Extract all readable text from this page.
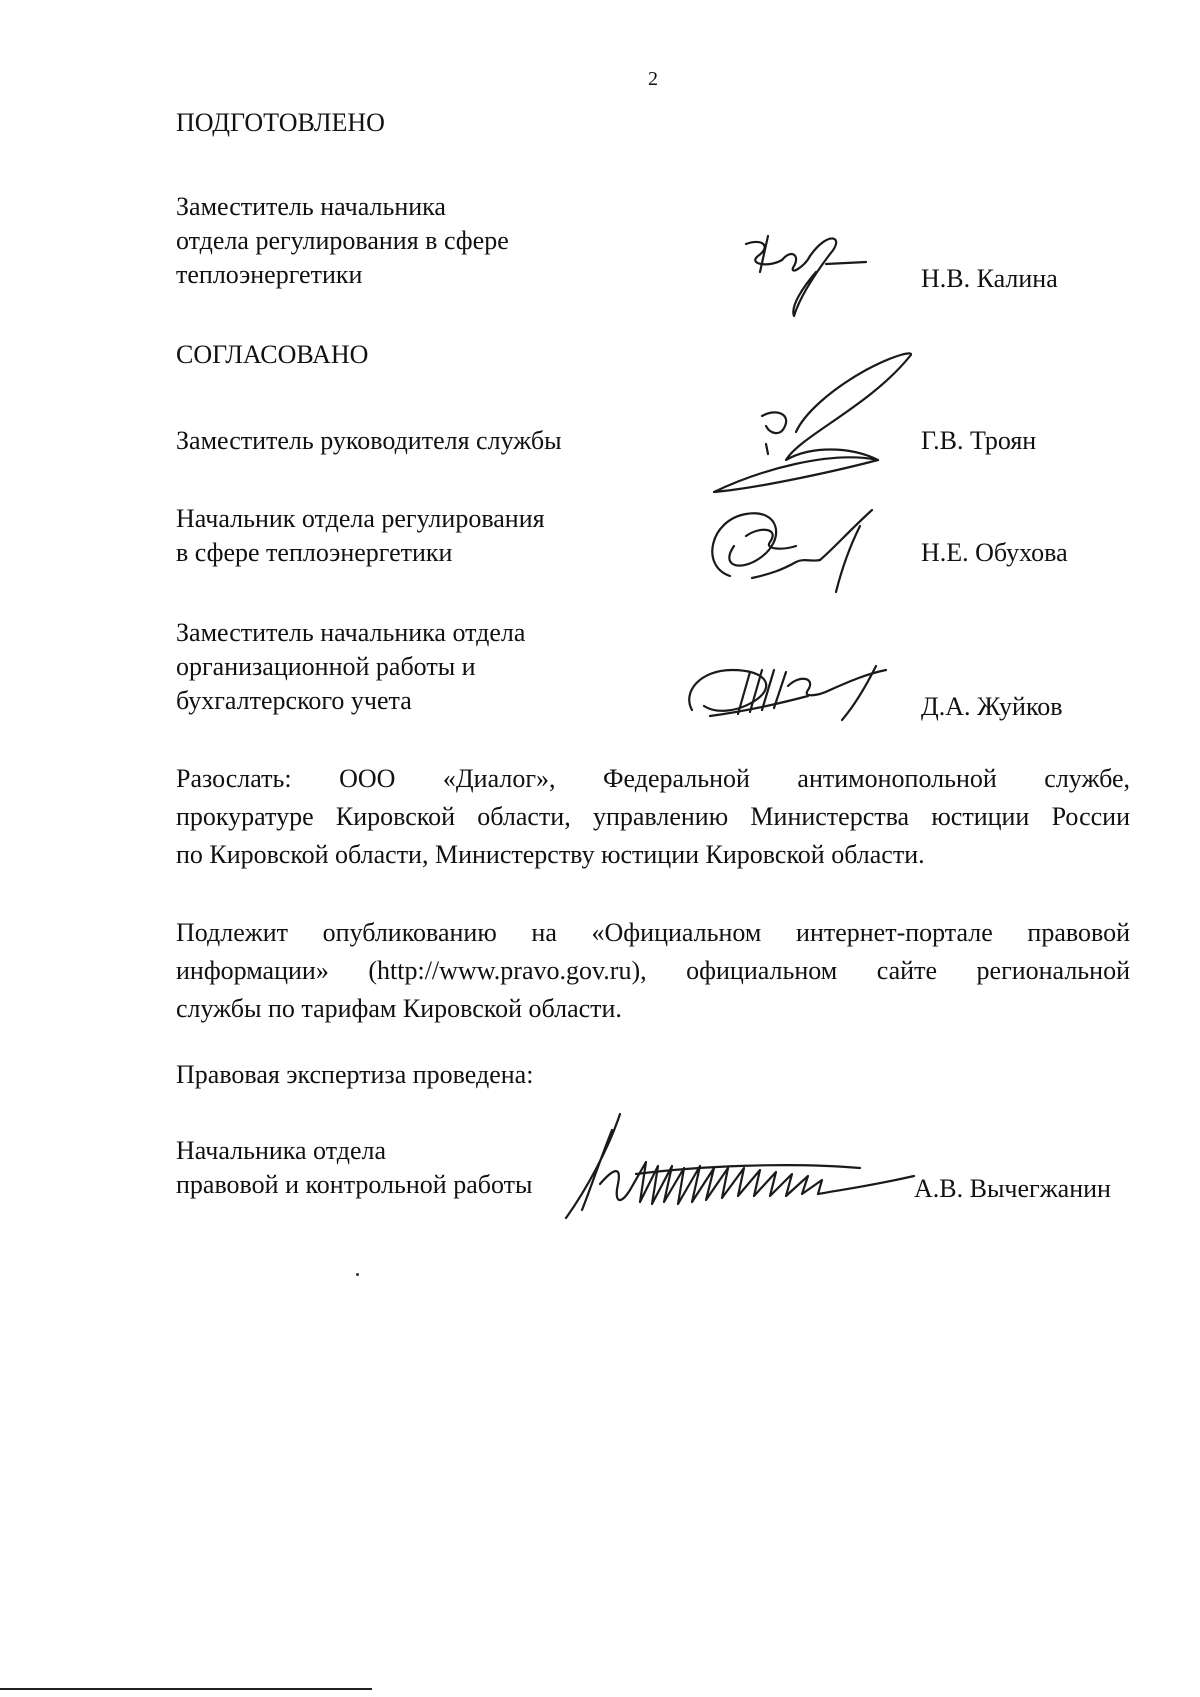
2
ПОДГОТОВЛЕНО
Заместитель начальника
отдела регулирования в сфере
теплоэнергетики	Н.В. Калина
СОГЛАСОВАНО
Заместитель руководителя службы	Г.В. Троян
Начальник отдела регулирования
в сфере теплоэнергетики	Н.Е. Обухова
Заместитель начальника отдела
организационной работы и
бухгалтерского учета	Д.А. Жуйков
Разослать: ООО «Диалог», Федеральной антимонопольной службе,
прокуратуре Кировской области, управлению Министерства юстиции России
по Кировской области, Министерству юстиции Кировской области.
Подлежит опубликованию на «Официальном интернет-портале правовой
информации» (http://www.pravo.gov.ru), официальном сайте региональной
службы по тарифам Кировской области.
Правовая экспертиза проведена:
Начальника отдела
правовой и контрольной работы	А.В. Вычегжанин
